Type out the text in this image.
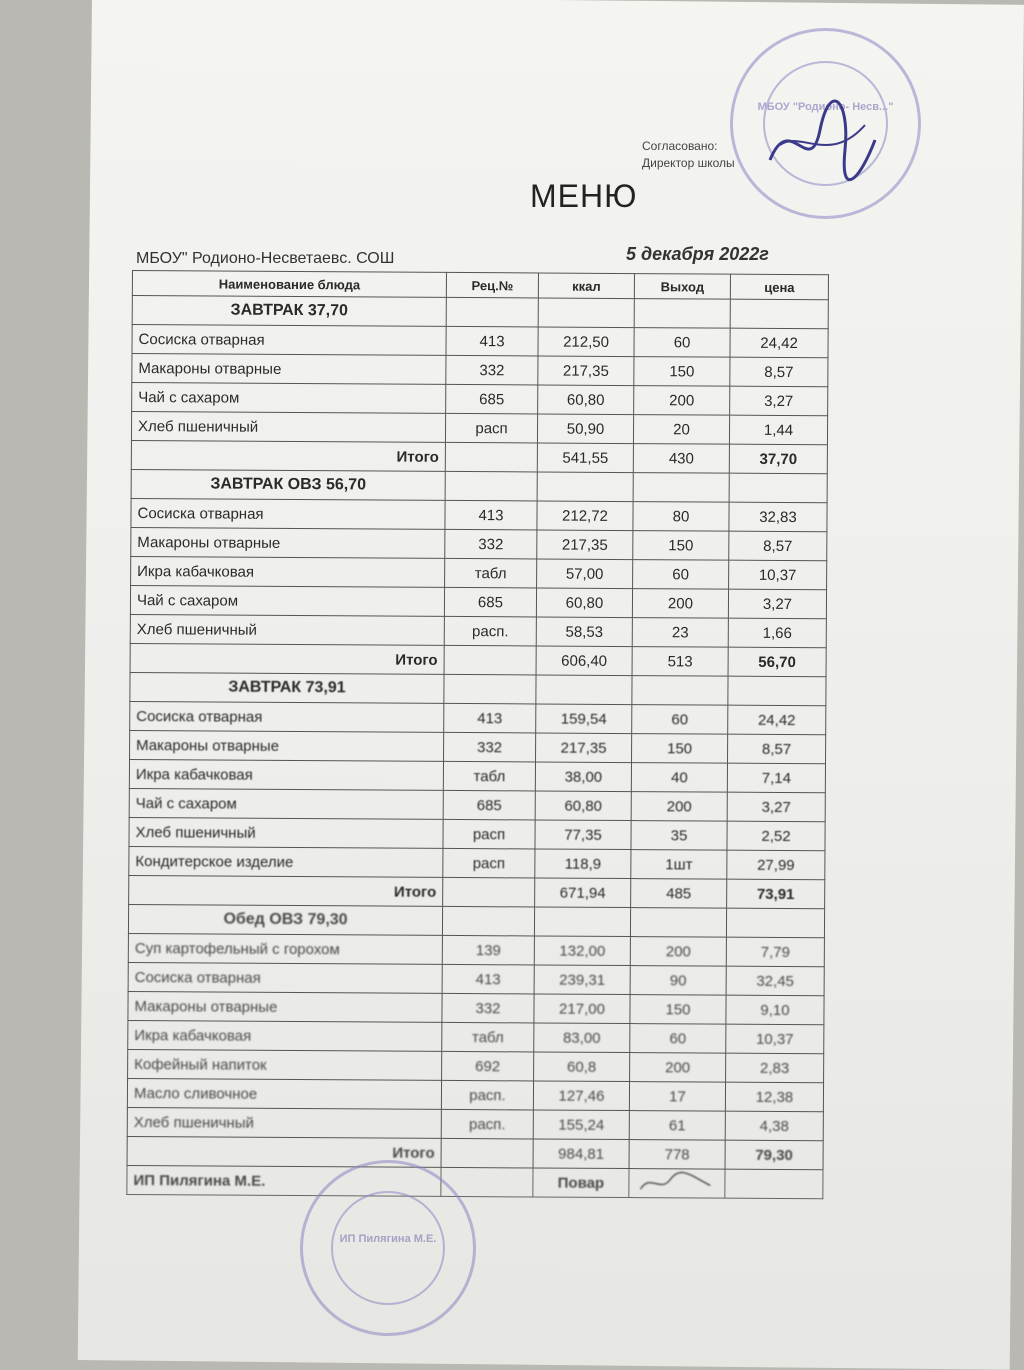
МБОУ "Родионо- Несв..."
Согласовано:
Директор школы
МЕНЮ
МБОУ" Родионо-Несветаевс. СОШ	5 декабря 2022г
Наименование блюда	Рец.№	ккал	Выход	цена
ЗАВТРАК 37,70				
Сосиска отварная	413	212,50	60	24,42
Макароны отварные	332	217,35	150	8,57
Чай с сахаром	685	60,80	200	3,27
Хлеб пшеничный	расп	50,90	20	1,44
Итого		541,55	430	37,70
ЗАВТРАК ОВЗ 56,70				
Сосиска отварная	413	212,72	80	32,83
Макароны отварные	332	217,35	150	8,57
Икра кабачковая	табл	57,00	60	10,37
Чай с сахаром	685	60,80	200	3,27
Хлеб пшеничный	расп.	58,53	23	1,66
Итого		606,40	513	56,70
ЗАВТРАК 73,91				
Сосиска отварная	413	159,54	60	24,42
Макароны отварные	332	217,35	150	8,57
Икра кабачковая	табл	38,00	40	7,14
Чай с сахаром	685	60,80	200	3,27
Хлеб пшеничный	расп	77,35	35	2,52
Кондитерское изделие	расп	118,9	1шт	27,99
Итого		671,94	485	73,91
Обед ОВЗ 79,30				
Суп картофельный с горохом	139	132,00	200	7,79
Сосиска отварная	413	239,31	90	32,45
Макароны отварные	332	217,00	150	9,10
Икра кабачковая	табл	83,00	60	10,37
Кофейный напиток	692	60,8	200	2,83
Масло сливочное	расп.	127,46	17	12,38
Хлеб пшеничный	расп.	155,24	61	4,38
Итого		984,81	778	79,30
ИП Пилягина М.Е.		Повар	

ИП Пилягина М.Е.
